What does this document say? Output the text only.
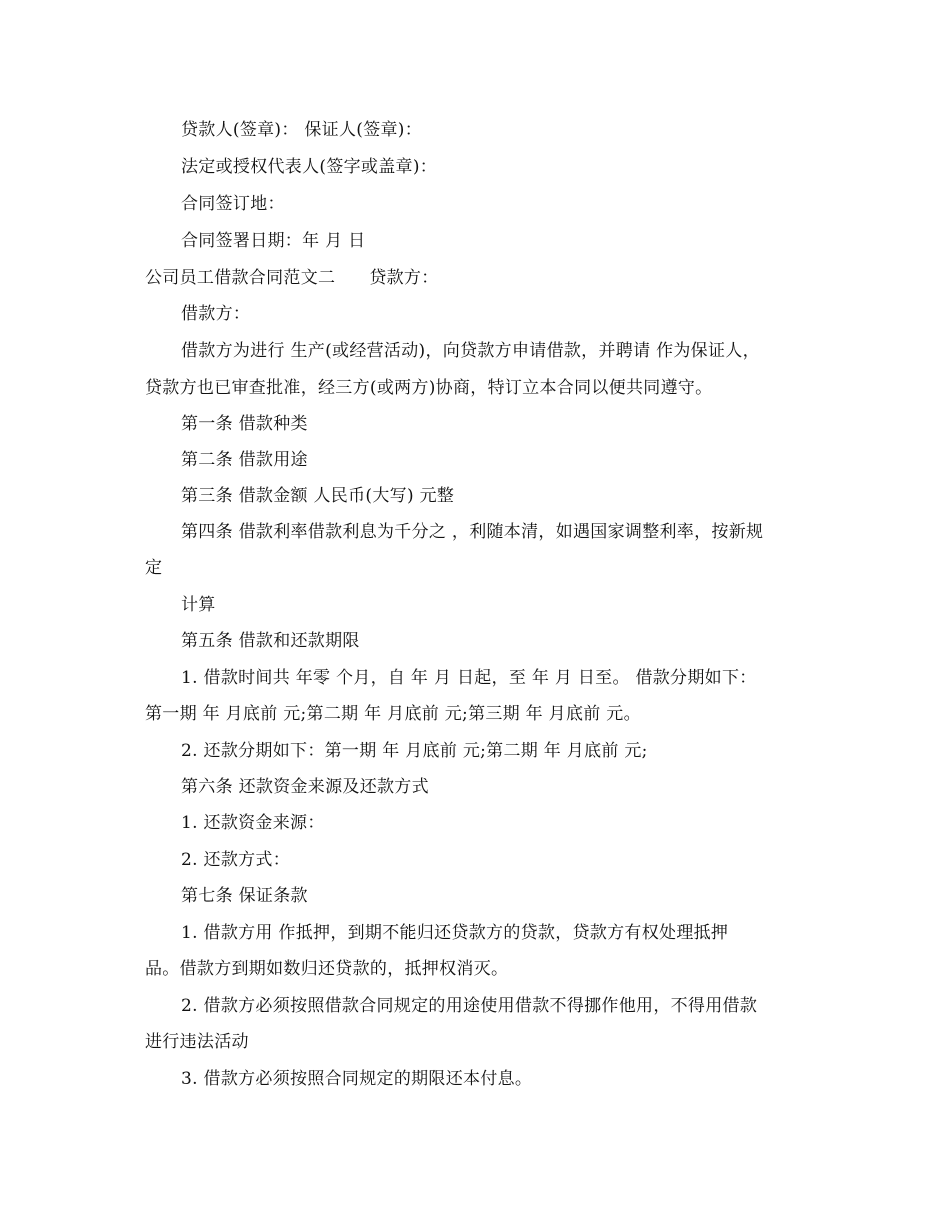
贷款人(签章)： 保证人(签章)：
法定或授权代表人(签字或盖章)：
合同签订地：
合同签署日期：年 月 日
公司员工借款合同范文二 贷款方：
借款方：
借款方为进行 生产(或经营活动)，向贷款方申请借款，并聘请 作为保证人，
贷款方也已审查批准，经三方(或两方)协商，特订立本合同以便共同遵守。
第一条 借款种类
第二条 借款用途
第三条 借款金额 人民币(大写) 元整
第四条 借款利率借款利息为千分之 ，利随本清，如遇国家调整利率，按新规
定
计算
第五条 借款和还款期限
1. 借款时间共 年零 个月，自 年 月 日起，至 年 月 日至。 借款分期如下：
第一期 年 月底前 元;第二期 年 月底前 元;第三期 年 月底前 元。
2. 还款分期如下：第一期 年 月底前 元;第二期 年 月底前 元;
第六条 还款资金来源及还款方式
1. 还款资金来源：
2. 还款方式：
第七条 保证条款
1. 借款方用 作抵押，到期不能归还贷款方的贷款，贷款方有权处理抵押
品。借款方到期如数归还贷款的，抵押权消灭。
2. 借款方必须按照借款合同规定的用途使用借款不得挪作他用，不得用借款
进行违法活动
3. 借款方必须按照合同规定的期限还本付息。
